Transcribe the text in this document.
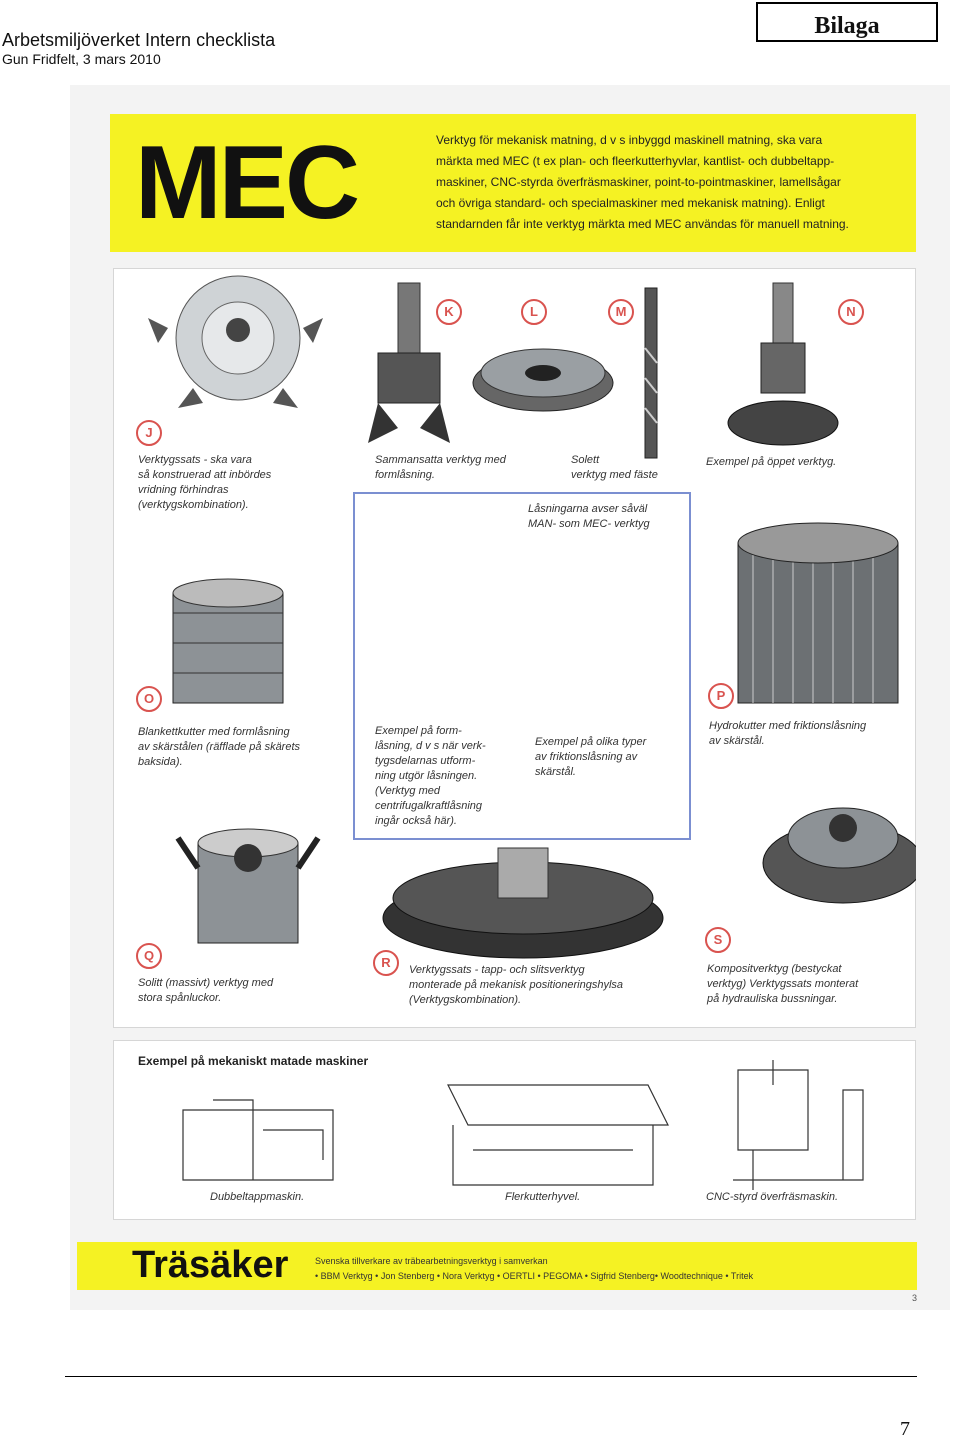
Arbetsmiljöverket Intern checklista
Gun Fridfelt, 3 mars 2010
Bilaga
MEC	Verktyg för mekanisk matning, d v s inbyggd maskinell matning, ska vara
märkta med MEC (t ex plan- och fleerkutterhyvlar, kantlist- och dubbeltapp-
maskiner, CNC-styrda överfräsmaskiner, point-to-pointmaskiner, lamellsågar
och övriga standard- och specialmaskiner med mekanisk matning). Enligt
standarnden får inte verktyg märkta med MEC användas för manuell matning.
J
K	L	M	N
O	P
Q	R
S
Verktygssats - ska vara
så konstruerad att inbördes
vridning förhindras
(verktygskombination).
Sammansatta verktyg med
formlåsning.
Solett
verktyg med fäste
Exempel på öppet verktyg.
Blankettkutter med formlåsning
av skärstålen (räfflade på skärets
baksida).
Hydrokutter med friktionslåsning
av skärstål.
Solitt (massivt) verktyg med
stora spånluckor.
Verktygssats - tapp- och slitsverktyg
monterade på mekanisk positioneringshylsa
(Verktygskombination).
Kompositverktyg (bestyckat
verktyg) Verktygssats monterat
på hydrauliska bussningar.
Låsningarna avser såväl
MAN- som MEC- verktyg
Exempel på form-
låsning, d v s när verk-
tygsdelarnas utform-
ning utgör låsningen.
(Verktyg med
centrifugalkraftlåsning
ingår också här).
Exempel på olika typer
av friktionslåsning av
skärstål.
Exempel på mekaniskt matade maskiner
Dubbeltappmaskin.	Flerkutterhyvel.	CNC-styrd överfräsmaskin.
Träsäker	Svenska tillverkare av träbearbetningsverktyg i samverkan
• BBM Verktyg • Jon Stenberg • Nora Verktyg • OERTLI • PEGOMA • Sigfrid Stenberg• Woodtechnique • Tritek
3
7
